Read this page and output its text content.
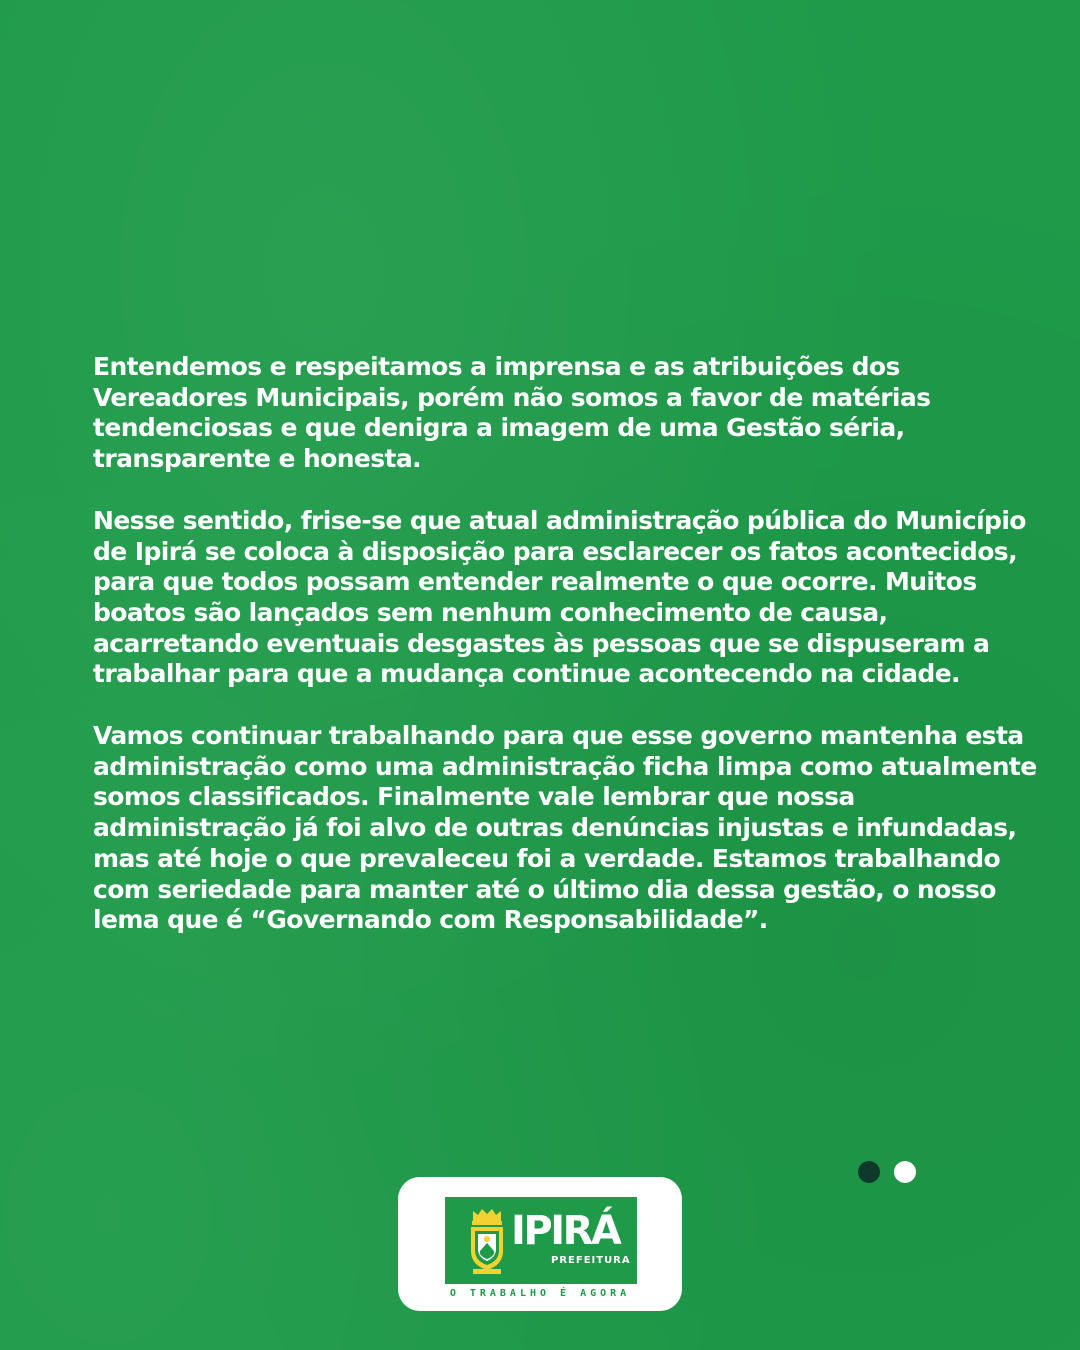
Entendemos e respeitamos a imprensa e as atribuições dos Vereadores Municipais, porém não somos a favor de matérias tendenciosas e que denigra a imagem de uma Gestão séria, transparente e honesta.

Nesse sentido, frise-se que atual administração pública do Município de Ipirá se coloca à disposição para esclarecer os fatos acontecidos, para que todos possam entender realmente o que ocorre. Muitos boatos são lançados sem nenhum conhecimento de causa, acarretando eventuais desgastes às pessoas que se dispuseram a trabalhar para que a mudança continue acontecendo na cidade.

Vamos continuar trabalhando para que esse governo mantenha esta administração como uma administração ficha limpa como atualmente somos classificados. Finalmente vale lembrar que nossa administração já foi alvo de outras denúncias injustas e infundadas, mas até hoje o que prevaleceu foi a verdade. Estamos trabalhando com seriedade para manter até o último dia dessa gestão, o nosso lema que é “Governando com Responsabilidade”.

IPIRÁ
PREFEITURA
O TRABALHO É AGORA
